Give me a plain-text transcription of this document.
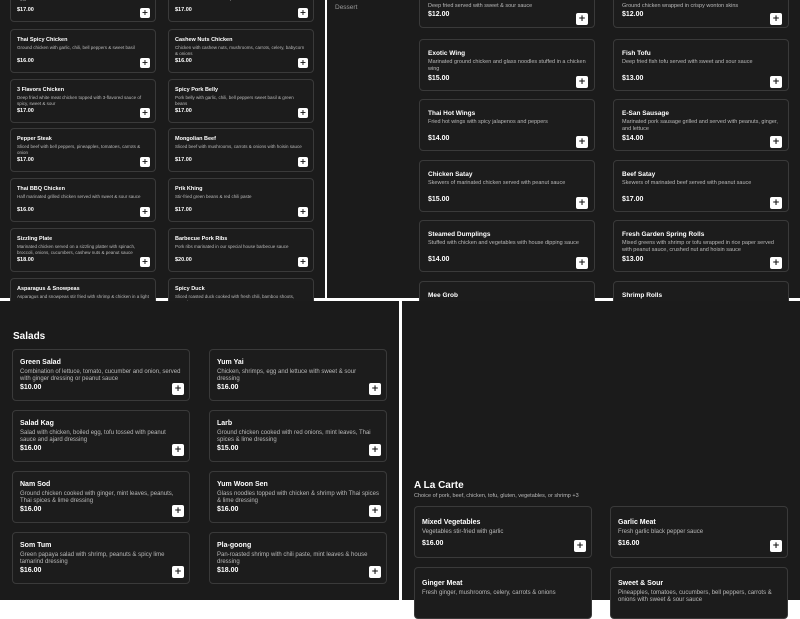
$17.00	+	$17.00	+
Thai Spicy Chicken
Ground chicken with garlic, chili, bell peppers & sweet basil
$16.00	+
Cashew Nuts Chicken
Chicken with cashew nuts, mushrooms, carrots, celery, babycorn & onions
$16.00	+
3 Flavors Chicken
Deep fried white meat chicken topped with 3-flavored sauce of spicy, sweet & sour
$17.00	+
Spicy Pork Belly
Pork belly with garlic, chili, bell peppers sweet basil & green beans
$17.00	+
Pepper Steak
Sliced beef with bell peppers, pineapples, tomatoes, carrots & onion
$17.00	+
Mongolian Beef
Sliced beef with mushrooms, carrots & onions with hoisin sauce
$17.00	+
Thai BBQ Chicken
Half marinated grilled chicken served with sweet & sour sauce
$16.00	+
Prik Khing
Stir-fried green beans & red chili paste
$17.00	+
Sizzling Plate
Marinated chicken served on a sizzling platter with spinach, broccoli, onions, cucumbers, cashew nuts & peanut sauce
$18.00	+
Barbecue Pork Ribs
Pork ribs marinated in our special house barbecue sauce
$20.00	+
Asparagus & Snowpeas
Asparagus and snowpeas stir fried with shrimp & chicken in a light
Spicy Duck
Sliced roasted duck cooked with fresh chili, bamboo shoots,
Dessert	Deep fried served with sweet & sour sauce
$12.00	+
Ground chicken wrapped in crispy wonton skins
$12.00	+
Exotic Wing
Marinated ground chicken and glass noodles stuffed in a chicken wing
$15.00	+
Fish Tofu
Deep fried fish tofu served with sweet and sour sauce
$13.00	+
Thai Hot Wings
Fried hot wings with spicy jalapenos and peppers
$14.00	+
E-San Sausage
Marinated pork sausage grilled and served with peanuts, ginger, and lettuce
$14.00	+
Chicken Satay
Skewers of marinated chicken served with peanut sauce
$15.00	+
Beef Satay
Skewers of marinated beef served with peanut sauce
$17.00	+
Steamed Dumplings
Stuffed with chicken and vegetables with house dipping sauce
$14.00	+
Fresh Garden Spring Rolls
Mixed greens with shrimp or tofu wrapped in rice paper served with peanut sauce, crushed nut and hoisin sauce
$13.00	+
Mee Grob	Shrimp Rolls
Salads
Green Salad
Combination of lettuce, tomato, cucumber and onion, served with ginger dressing or peanut sauce
$10.00	+
Yum Yai
Chicken, shrimps, egg and lettuce with sweet & sour dressing
$16.00	+
Salad Kag
Salad with chicken, boiled egg, tofu tossed with peanut sauce and ajard dressing
$16.00	+
Larb
Ground chicken cooked with red onions, mint leaves, Thai spices & lime dressing
$15.00	+
Nam Sod
Ground chicken cooked with ginger, mint leaves, peanuts, Thai spices & lime dressing
$16.00	+
Yum Woon Sen
Glass noodles topped with chicken & shrimp with Thai spices & lime dressing
$16.00	+
Som Tum
Green papaya salad with shrimp, peanuts & spicy lime tamarind dressing
$16.00	+
Pla-goong
Pan-roasted shrimp with chili paste, mint leaves & house dressing
$18.00	+
A La Carte
Choice of pork, beef, chicken, tofu, gluten, vegetables, or shrimp +3
Mixed Vegetables
Vegetables stir-fried with garlic
$16.00	+
Garlic Meat
Fresh garlic black pepper sauce
$16.00	+
Ginger Meat
Fresh ginger, mushrooms, celery, carrots & onions
Sweet & Sour
Pineapples, tomatoes, cucumbers, bell peppers, carrots & onions with sweet & sour sauce
